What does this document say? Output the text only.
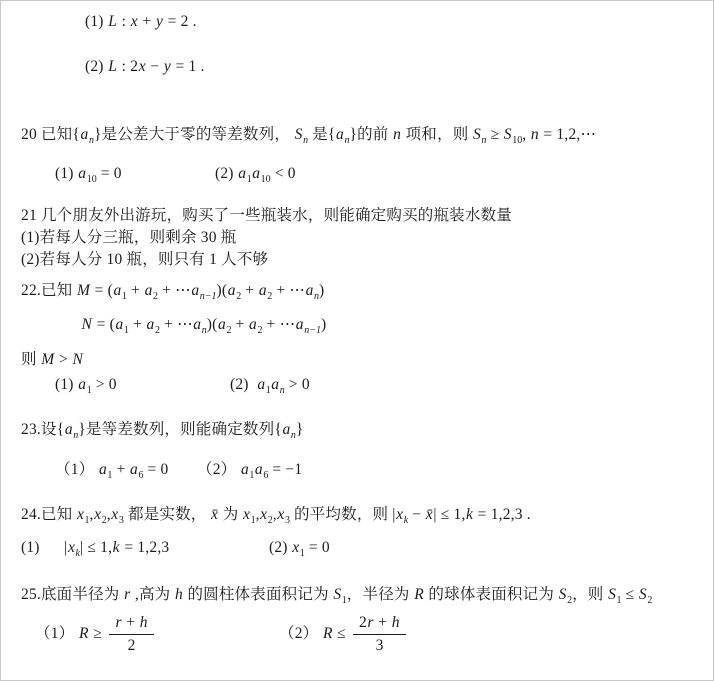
(1) L : x + y = 2 .
(2) L : 2x − y = 1 .
20 已知$\{a_n\}$是公差大于零的等差数列， $S_n$ 是$\{a_n\}$的前 n 项和，则 $S_n \ge S_{10}$, n = 1,2,⋯
(1) $a_{10} = 0$	(2) $a_1a_{10} < 0$
21 几个朋友外出游玩，购买了一些瓶装水，则能确定购买的瓶装水数量
(1)若每人分三瓶，则剩余 30 瓶
(2)若每人分 10 瓶，则只有 1 人不够
22.已知 $M = (a_1 + a_2$ + $\cdots a_{n-1})(a_2 + a_2$ + $\cdots a_n$)
$N = (a_1 + a_2$ + $\cdots a_n)(a_2 + a_2$ + $\cdots a_{n-1}$)
则 M > N
(1) $a_1 > 0$	(2)  $a_1a_n > 0$
23.设$\{a_n\}$是等差数列，则能确定数列$\{a_n\}$
（1） $a_1 + a_6 = 0$ （2） $a_1a_6 = -1$
24.已知 $x_1,x_2,x_3$ 都是实数， x̄ 为 $x_1,x_2,x_3$ 的平均数，则 $|x_k$ − x̄| ≤ 1,k = 1,2,3 .
(1)      $|x_k| \le 1,k = 1,2,3$	(2) $x_1 = 0$
25.底面半径为 r ,高为 h 的圆柱体表面积记为 $S_1$，半径为 R 的球体表面积记为 $S_2$，则 $S_1 \le S_2$
（1） $R \ge \frac{r + h}{2}$	（2） $R \le \frac{2r + h}{3}$
